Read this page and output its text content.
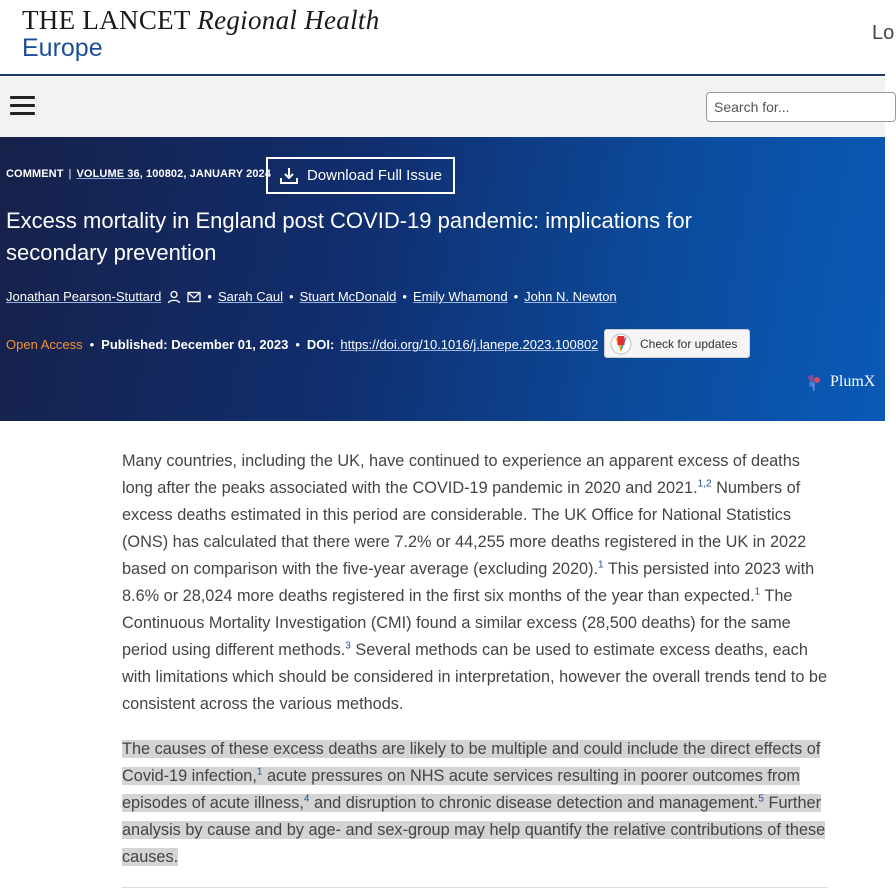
THE LANCET Regional Health
Europe
Lo
Search for...
COMMENT | VOLUME 36, 100802, JANUARY 2024 Download Full Issue
Excess mortality in England post COVID-19 pandemic: implications for secondary prevention
Jonathan Pearson-Stuttard	• Sarah Caul • Stuart McDonald • Emily Whamond • John N. Newton
Open Access • Published:
December 01, 2023 • DOI: https://doi.org/10.1016/j.lanepe.2023.100802	Check for updates
PlumX

Many countries, including the UK, have continued to experience an apparent excess of deaths long after the peaks associated with the COVID-19 pandemic in 2020 and 2021.$^{1,2}$ Numbers of excess deaths estimated in this period are considerable. The UK Office for National Statistics (ONS) has calculated that there were 7.2% or 44,255 more deaths registered in the UK in 2022 based on comparison with the five-year average (excluding 2020).$^1$ This persisted into 2023 with 8.6% or 28,024 more deaths registered in the first six months of the year than expected.$^1$ The Continuous Mortality Investigation (CMI) found a similar excess (28,500 deaths) for the same period using different methods.$^3$ Several methods can be used to estimate excess deaths, each with limitations which should be considered in interpretation, however the overall trends tend to be consistent across the various methods.

The causes of these excess deaths are likely to be multiple and could include the direct effects of Covid-19 infection,$^1$ acute pressures on NHS acute services resulting in poorer outcomes from episodes of acute illness,$^4$ and disruption to chronic disease detection and management.$^5$ Further analysis by cause and by age- and sex-group may help quantify the relative contributions of these causes.
